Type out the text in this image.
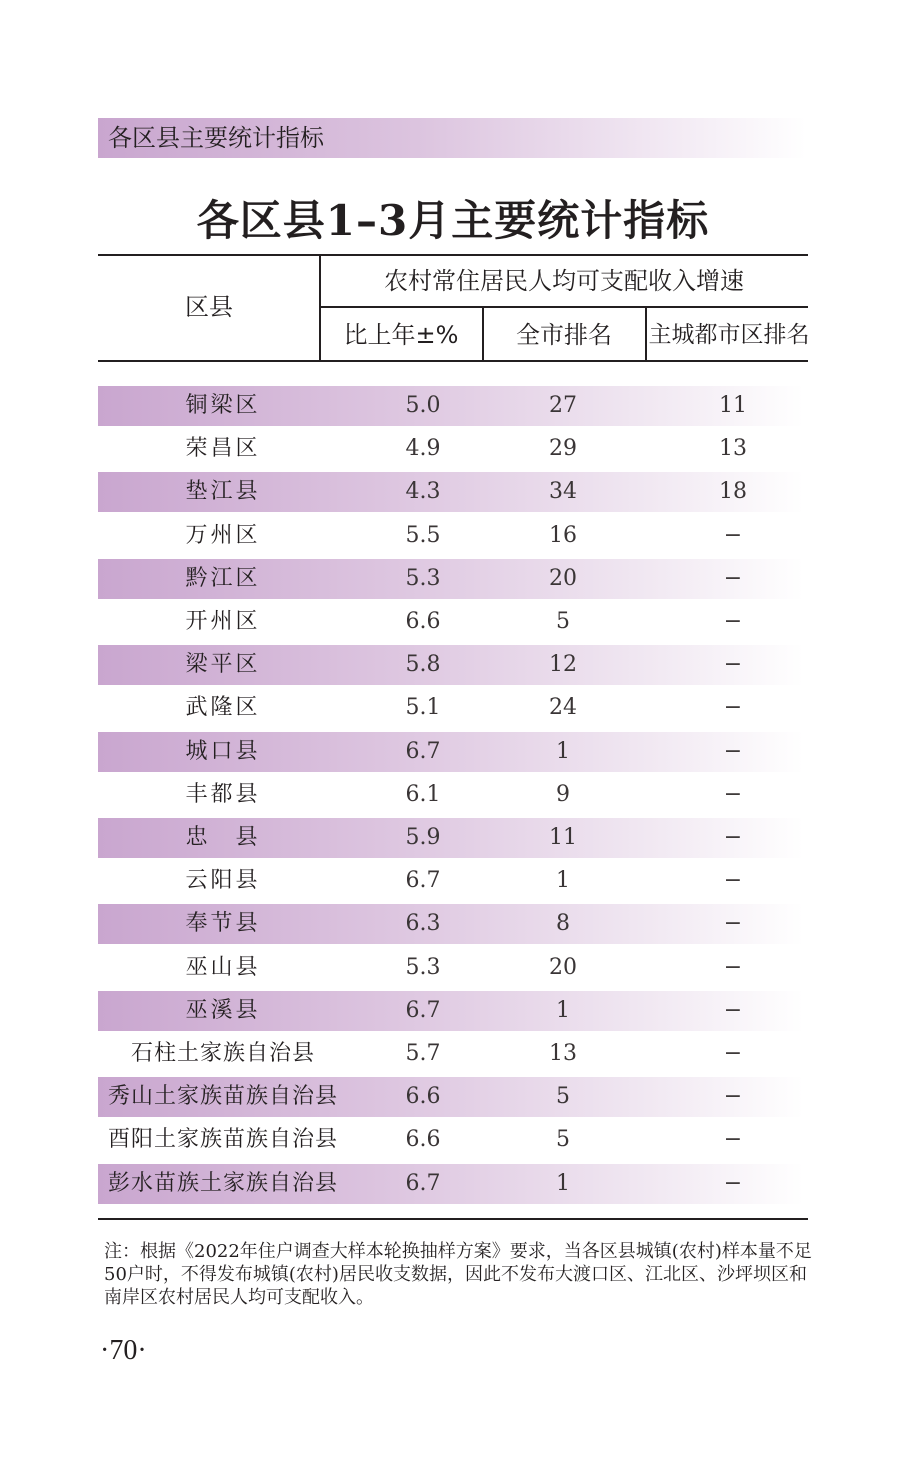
各区县主要统计指标
各区县1–3月主要统计指标
区县
农村常住居民人均可支配收入增速
比上年±%	全市排名	主城都市区排名
铜梁区	5.0	27	11
荣昌区	4.9	29	13
垫江县	4.3	34	18
万州区	5.5	16	−
黔江区	5.3	20	−
开州区	6.6	5	−
梁平区	5.8	12	−
武隆区	5.1	24	−
城口县	6.7	1	−
丰都县	6.1	9	−
忠　县	5.9	11	−
云阳县	6.7	1	−
奉节县	6.3	8	−
巫山县	5.3	20	−
巫溪县	6.7	1	−
石柱土家族自治县	5.7	13	−
秀山土家族苗族自治县	6.6	5	−
酉阳土家族苗族自治县	6.6	5	−
彭水苗族土家族自治县	6.7	1	−
注：根据《2022年住户调查大样本轮换抽样方案》要求，当各区县城镇(农村)样本量不足50户时，不得发布城镇(农村)居民收支数据，因此不发布大渡口区、江北区、沙坪坝区和南岸区农村居民人均可支配收入。
·70·
